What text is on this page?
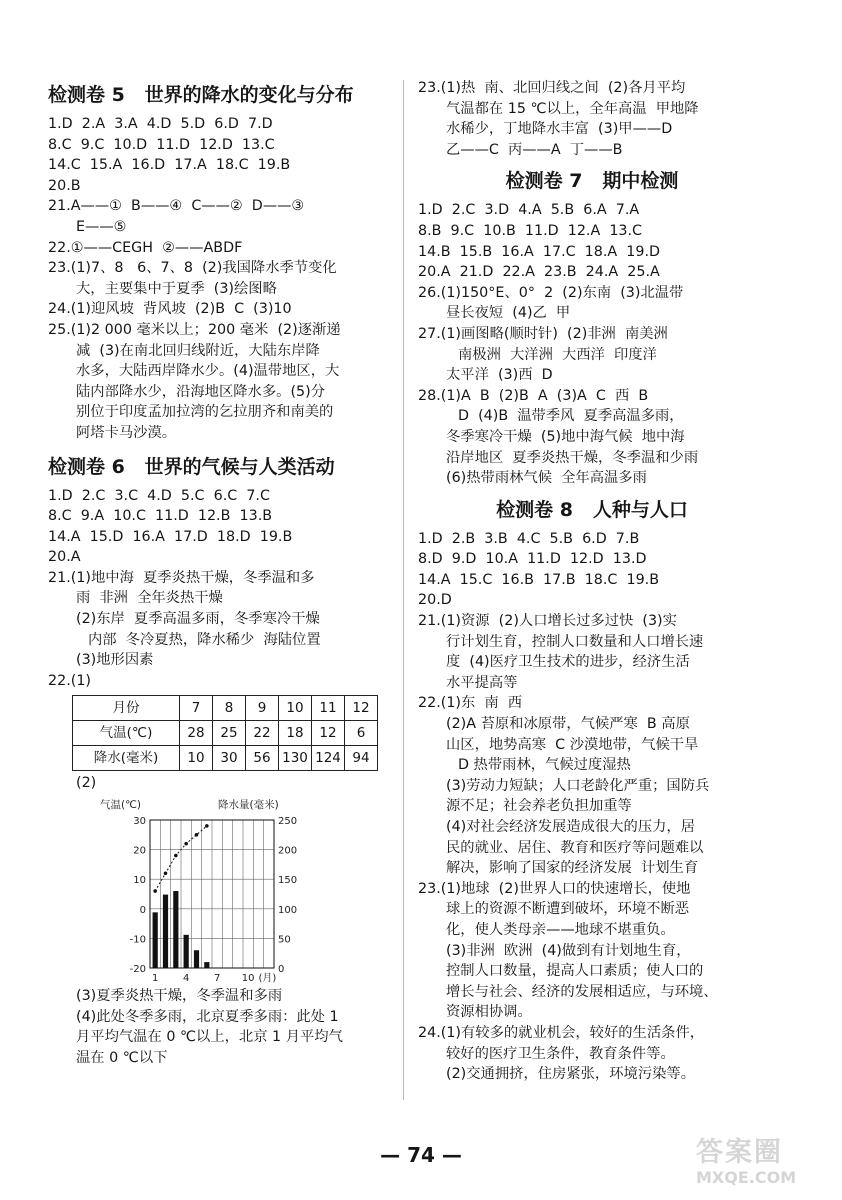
检测卷 5   世界的降水的变化与分布
1.D  2.A  3.A  4.D  5.D  6.D  7.D
8.C  9.C  10.D  11.D  12.D  13.C
14.C  15.A  16.D  17.A  18.C  19.B
20.B
21.A——①  B——④  C——②  D——③
E——⑤
22.①——CEGH  ②——ABDF
23.(1)7、8   6、7、8  (2)我国降水季节变化
大，主要集中于夏季  (3)绘图略
24.(1)迎风坡  背风坡  (2)B  C  (3)10
25.(1)2 000 毫米以上；200 毫米  (2)逐渐递
减  (3)在南北回归线附近，大陆东岸降
水多，大陆西岸降水少。(4)温带地区，大
陆内部降水少，沿海地区降水多。(5)分
别位于印度孟加拉湾的乞拉朋齐和南美的
阿塔卡马沙漠。
检测卷 6   世界的气候与人类活动
1.D  2.C  3.C  4.D  5.C  6.C  7.C
8.C  9.A  10.C  11.D  12.B  13.B
14.A  15.D  16.A  17.D  18.D  19.B
20.A
21.(1)地中海  夏季炎热干燥，冬季温和多
雨  非洲  全年炎热干燥
(2)东岸  夏季高温多雨，冬季寒冷干燥
内部  冬冷夏热，降水稀少  海陆位置
(3)地形因素
22.(1)
月份	7	8	9	10	11	12
气温(℃)	28	25	22	18	12	6
降水(毫米)	10	30	56	130	124	94
(2)
气温(℃)	降水量(毫米)
30
20
10
0
-10
-20
250
200
150
100
50
0
1 4 7 10 (月)
(3)夏季炎热干燥，冬季温和多雨
(4)此处冬季多雨，北京夏季多雨：此处 1
月平均气温在 0 ℃以上，北京 1 月平均气
温在 0 ℃以下
23.(1)热  南、北回归线之间  (2)各月平均
气温都在 15 ℃以上，全年高温  甲地降
水稀少，丁地降水丰富  (3)甲——D
乙——C  丙——A  丁——B
检测卷 7   期中检测
1.D  2.C  3.D  4.A  5.B  6.A  7.A
8.B  9.C  10.B  11.D  12.A  13.C
14.B  15.B  16.A  17.C  18.A  19.D
20.A  21.D  22.A  23.B  24.A  25.A
26.(1)150°E、0°  2  (2)东南  (3)北温带
昼长夜短  (4)乙  甲
27.(1)画图略(顺时针)  (2)非洲  南美洲
南极洲  大洋洲  大西洋  印度洋
太平洋  (3)西  D
28.(1)A  B  (2)B  A  (3)A  C  西  B
D  (4)B  温带季风  夏季高温多雨，
冬季寒冷干燥  (5)地中海气候  地中海
沿岸地区  夏季炎热干燥，冬季温和少雨
(6)热带雨林气候  全年高温多雨
检测卷 8   人种与人口
1.D  2.B  3.B  4.C  5.B  6.D  7.B
8.D  9.D  10.A  11.D  12.D  13.D
14.A  15.C  16.B  17.B  18.C  19.B
20.D
21.(1)资源  (2)人口增长过多过快  (3)实
行计划生育，控制人口数量和人口增长速
度  (4)医疗卫生技术的进步，经济生活
水平提高等
22.(1)东  南  西
(2)A 苔原和冰原带，气候严寒  B 高原
山区，地势高寒  C 沙漠地带，气候干旱
D 热带雨林，气候过度湿热
(3)劳动力短缺；人口老龄化严重；国防兵
源不足；社会养老负担加重等
(4)对社会经济发展造成很大的压力，居
民的就业、居住、教育和医疗等问题难以
解决，影响了国家的经济发展  计划生育
23.(1)地球  (2)世界人口的快速增长，使地
球上的资源不断遭到破坏，环境不断恶
化，使人类母亲——地球不堪重负。
(3)非洲  欧洲  (4)做到有计划地生育，
控制人口数量，提高人口素质；使人口的
增长与社会、经济的发展相适应，与环境、
资源相协调。
24.(1)有较多的就业机会，较好的生活条件，
较好的医疗卫生条件，教育条件等。
(2)交通拥挤，住房紧张，环境污染等。
— 74 —	答案圈
MXQE.COM
